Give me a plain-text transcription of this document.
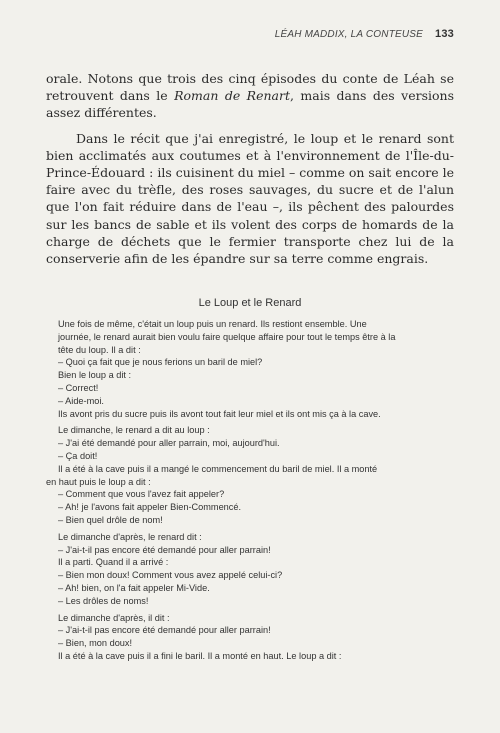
LÉAH MADDIX, LA CONTEUSE 133

orale. Notons que trois des cinq épisodes du conte de Léah se retrouvent dans le Roman de Renart, mais dans des versions assez différentes.

Dans le récit que j'ai enregistré, le loup et le renard sont bien acclimatés aux coutumes et à l'environnement de l'Île-du-Prince-Édouard : ils cuisinent du miel – comme on sait encore le faire avec du trèfle, des roses sauvages, du sucre et de l'alun que l'on fait réduire dans de l'eau –, ils pêchent des palourdes sur les bancs de sable et ils volent des corps de homards de la charge de déchets que le fermier transporte chez lui de la conserverie afin de les épandre sur sa terre comme engrais.

Le Loup et le Renard

Une fois de même, c'était un loup puis un renard. Ils restiont ensemble. Une

journée, le renard aurait bien voulu faire quelque affaire pour tout le temps être à la

tête du loup. Il a dit :

– Quoi ça fait que je nous ferions un baril de miel?

Bien le loup a dit :

– Correct!

– Aide-moi.

Ils avont pris du sucre puis ils avont tout fait leur miel et ils ont mis ça à la cave.

Le dimanche, le renard a dit au loup :

– J'ai été demandé pour aller parrain, moi, aujourd'hui.

– Ça doit!

Il a été à la cave puis il a mangé le commencement du baril de miel. Il a monté

en haut puis le loup a dit :

– Comment que vous l'avez fait appeler?

– Ah! je l'avons fait appeler Bien-Commencé.

– Bien quel drôle de nom!

Le dimanche d'après, le renard dit :

– J'ai-t-il pas encore été demandé pour aller parrain!

Il a parti. Quand il a arrivé :

– Bien mon doux! Comment vous avez appelé celui-ci?

– Ah! bien, on l'a fait appeler Mi-Vide.

– Les drôles de noms!

Le dimanche d'après, il dit :

– J'ai-t-il pas encore été demandé pour aller parrain!

– Bien, mon doux!

Il a été à la cave puis il a fini le baril. Il a monté en haut. Le loup a dit :
